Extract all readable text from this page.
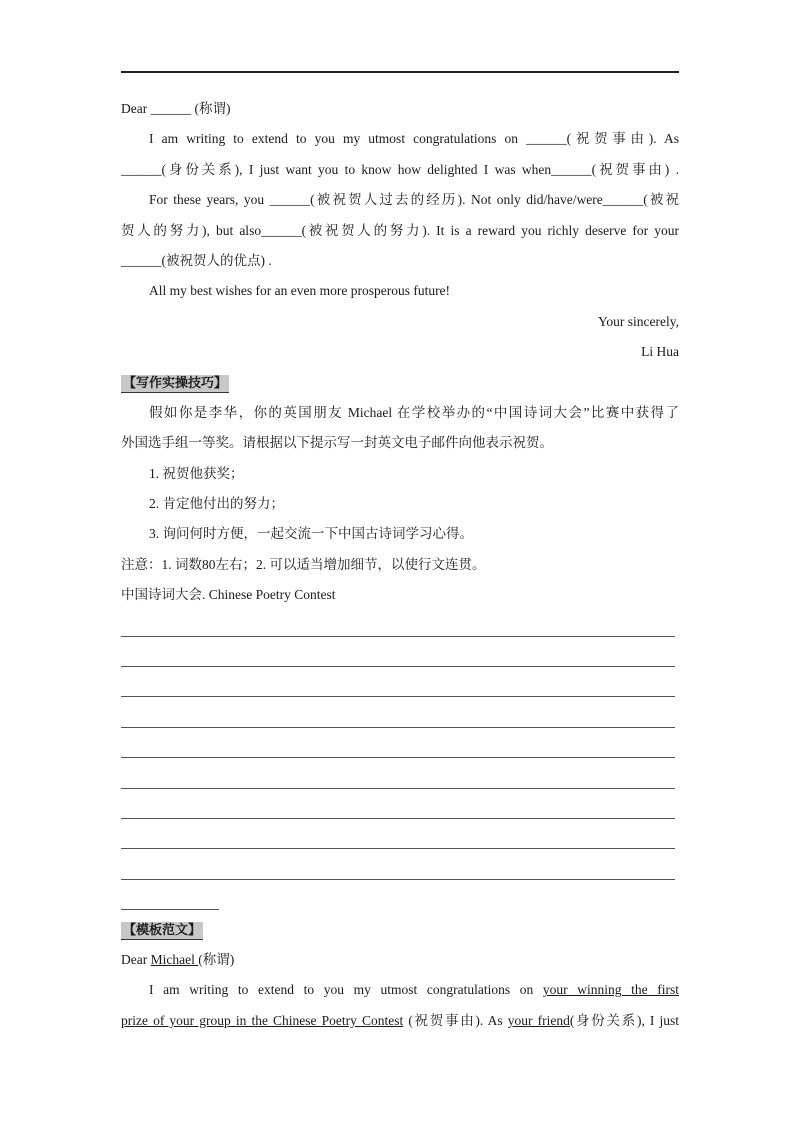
Dear ______ (称谓)
I am writing to extend to you my utmost congratulations on ______(祝贺事由). As
______(身份关系), I just want you to know how delighted I was when______(祝贺事由) .
For these years, you ______(被祝贺人过去的经历). Not only did/have/were______(被祝
贺人的努力), but also______(被祝贺人的努力). It is a reward you richly deserve for your
______(被祝贺人的优点) .
All my best wishes for an even more prosperous future!
Your sincerely,
Li Hua
【写作实操技巧】
假如你是李华，你的英国朋友 Michael 在学校举办的“中国诗词大会”比赛中获得了
外国选手组一等奖。请根据以下提示写一封英文电子邮件向他表示祝贺。
1. 祝贺他获奖；
2. 肯定他付出的努力；
3. 询问何时方便，一起交流一下中国古诗词学习心得。
注意：1. 词数80左右；2. 可以适当增加细节，以使行文连贯。
中国诗词大会. Chinese Poetry Contest
【模板范文】
Dear Michael (称谓)
I am writing to extend to you my utmost congratulations on your winning the first
prize of your group in the Chinese Poetry Contest (祝贺事由). As your friend(身份关系), I just
